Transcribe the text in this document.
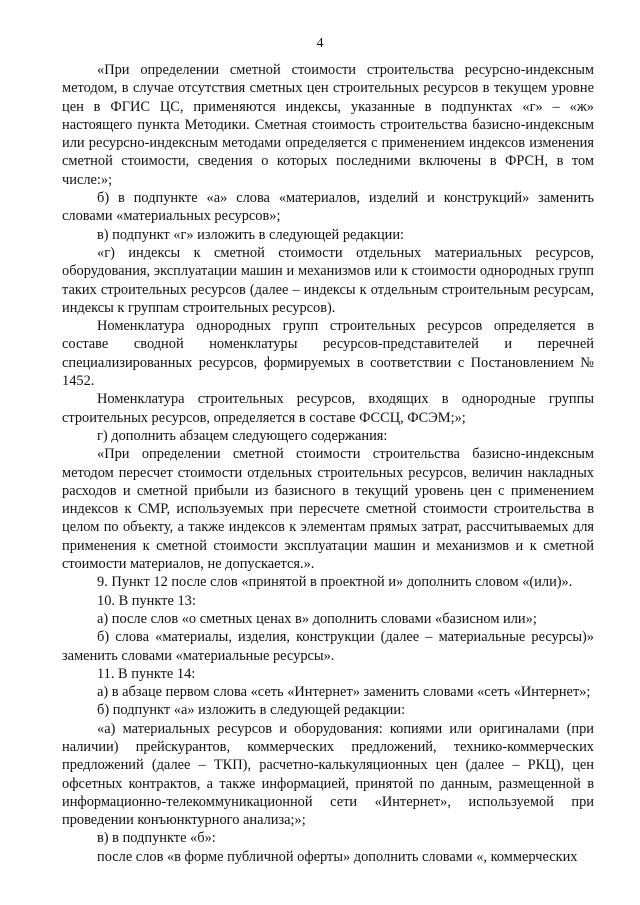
4

«При определении сметной стоимости строительства ресурсно-индексным методом, в случае отсутствия сметных цен строительных ресурсов в текущем уровне цен в ФГИС ЦС, применяются индексы, указанные в подпунктах «г» – «ж» настоящего пункта Методики. Сметная стоимость строительства базисно-индексным или ресурсно-индексным методами определяется с применением индексов изменения сметной стоимости, сведения о которых последними включены в ФРСН, в том числе:»;

б) в подпункте «а» слова «материалов, изделий и конструкций» заменить словами «материальных ресурсов»;

в) подпункт «г» изложить в следующей редакции:

«г) индексы к сметной стоимости отдельных материальных ресурсов, оборудования, эксплуатации машин и механизмов или к стоимости однородных групп таких строительных ресурсов (далее – индексы к отдельным строительным ресурсам, индексы к группам строительных ресурсов).

Номенклатура однородных групп строительных ресурсов определяется в составе сводной номенклатуры ресурсов-представителей и перечней специализированных ресурсов, формируемых в соответствии с Постановлением № 1452.

Номенклатура строительных ресурсов, входящих в однородные группы строительных ресурсов, определяется в составе ФССЦ, ФСЭМ;»;

г) дополнить абзацем следующего содержания:

«При определении сметной стоимости строительства базисно-индексным методом пересчет стоимости отдельных строительных ресурсов, величин накладных расходов и сметной прибыли из базисного в текущий уровень цен с применением индексов к СМР, используемых при пересчете сметной стоимости строительства в целом по объекту, а также индексов к элементам прямых затрат, рассчитываемых для применения к сметной стоимости эксплуатации машин и механизмов и к сметной стоимости материалов, не допускается.».

9. Пункт 12 после слов «принятой в проектной и» дополнить словом «(или)».

10. В пункте 13:

а) после слов «о сметных ценах в» дополнить словами «базисном или»;

б) слова «материалы, изделия, конструкции (далее – материальные ресурсы)» заменить словами «материальные ресурсы».

11. В пункте 14:

а) в абзаце первом слова «сеть «Интернет» заменить словами «сеть «Интернет»;

б) подпункт «а» изложить в следующей редакции:

«а) материальных ресурсов и оборудования: копиями или оригиналами (при наличии) прейскурантов, коммерческих предложений, технико-коммерческих предложений (далее – ТКП), расчетно-калькуляционных цен (далее – РКЦ), цен офсетных контрактов, а также информацией, принятой по данным, размещенной в информационно-телекоммуникационной сети «Интернет», используемой при проведении конъюнктурного анализа;»;

в) в подпункте «б»:

после слов «в форме публичной оферты» дополнить словами «, коммерческих
